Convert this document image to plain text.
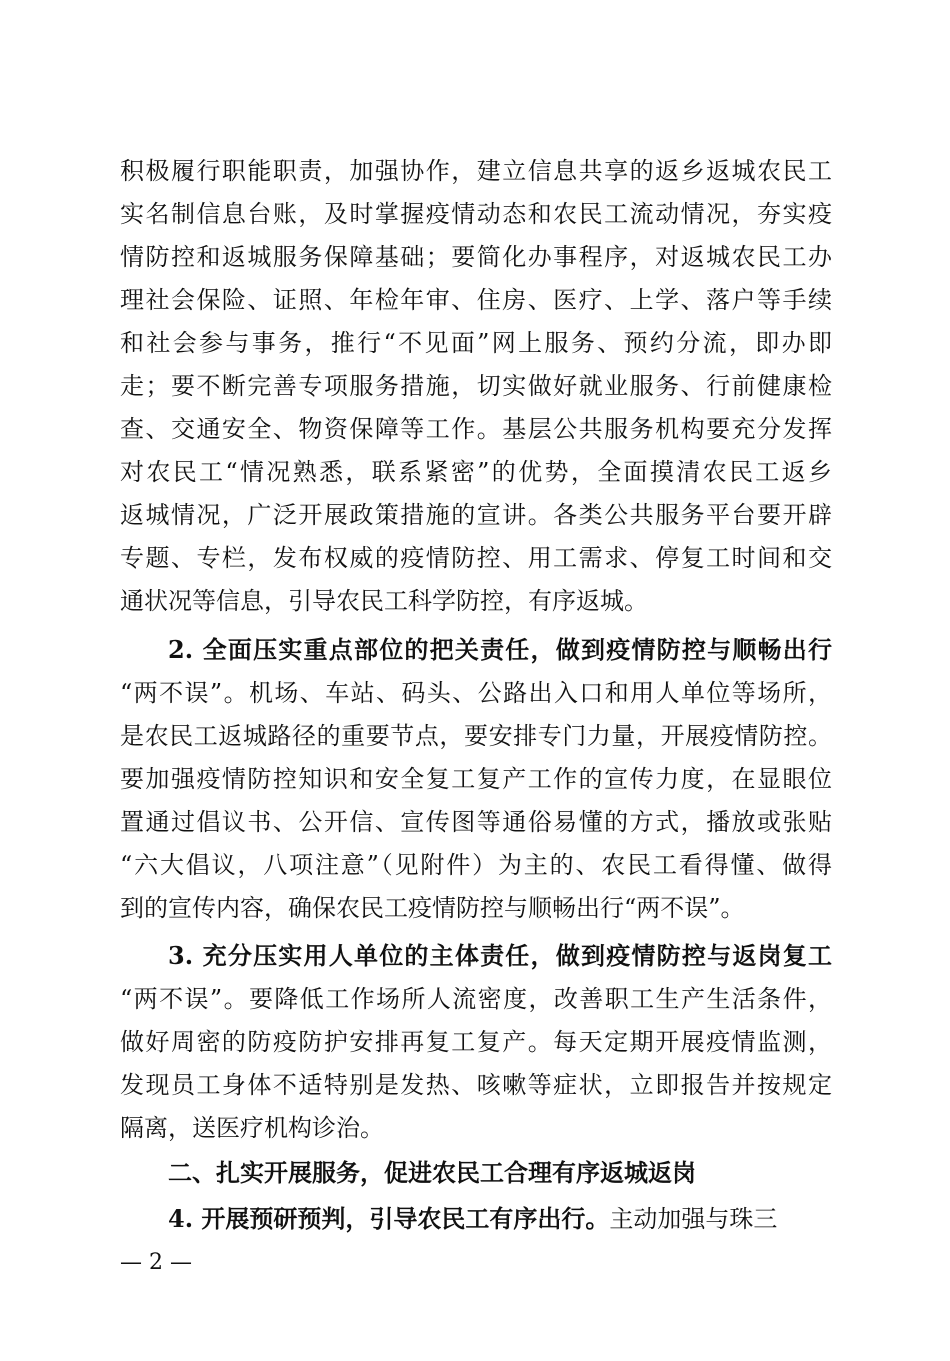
积极履行职能职责，加强协作，建立信息共享的返乡返城农民工
实名制信息台账，及时掌握疫情动态和农民工流动情况，夯实疫
情防控和返城服务保障基础；要简化办事程序，对返城农民工办
理社会保险、证照、年检年审、住房、医疗、上学、落户等手续
和社会参与事务，推行“不见面”网上服务、预约分流，即办即
走；要不断完善专项服务措施，切实做好就业服务、行前健康检
查、交通安全、物资保障等工作。基层公共服务机构要充分发挥
对农民工“情况熟悉，联系紧密”的优势，全面摸清农民工返乡
返城情况，广泛开展政策措施的宣讲。各类公共服务平台要开辟
专题、专栏，发布权威的疫情防控、用工需求、停复工时间和交
通状况等信息，引导农民工科学防控，有序返城。
2. 全面压实重点部位的把关责任，做到疫情防控与顺畅出行
“两不误”。机场、车站、码头、公路出入口和用人单位等场所，
是农民工返城路径的重要节点，要安排专门力量，开展疫情防控。
要加强疫情防控知识和安全复工复产工作的宣传力度，在显眼位
置通过倡议书、公开信、宣传图等通俗易懂的方式，播放或张贴
“六大倡议，八项注意”（见附件）为主的、农民工看得懂、做得
到的宣传内容，确保农民工疫情防控与顺畅出行“两不误”。
3. 充分压实用人单位的主体责任，做到疫情防控与返岗复工
“两不误”。要降低工作场所人流密度，改善职工生产生活条件，
做好周密的防疫防护安排再复工复产。每天定期开展疫情监测，
发现员工身体不适特别是发热、咳嗽等症状，立即报告并按规定
隔离，送医疗机构诊治。
二、扎实开展服务，促进农民工合理有序返城返岗
4. 开展预研预判，引导农民工有序出行。主动加强与珠三
— 2 —
